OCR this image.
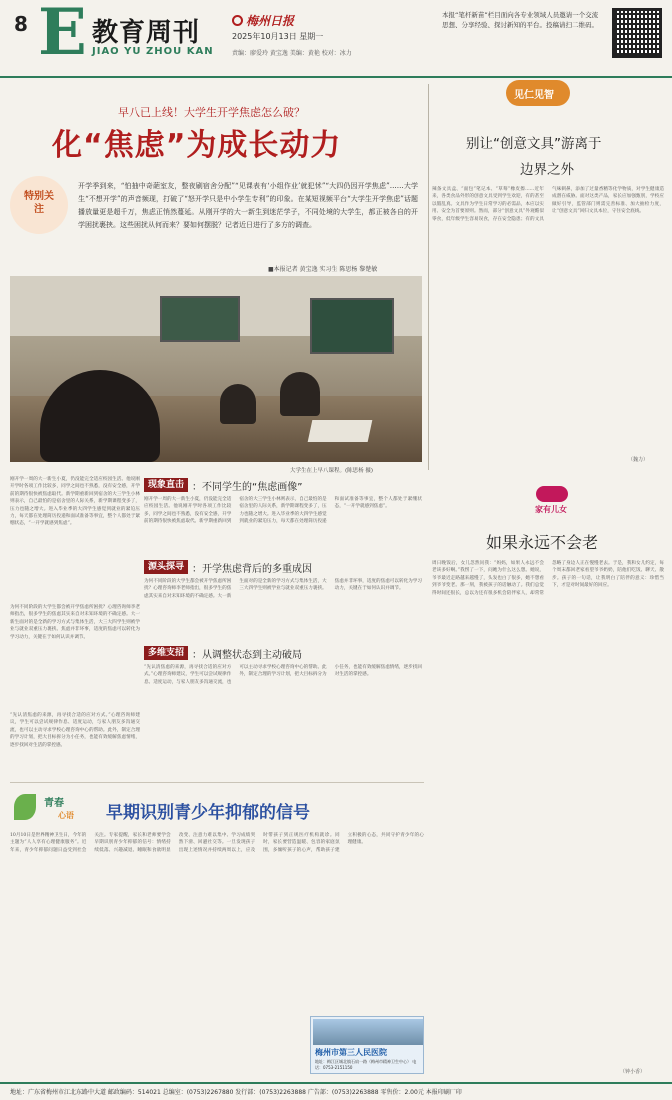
8 E 教育周刊
JIAO YU ZHOU KAN
梅州日报
2025年10月13日 星期一
责编：廖爱玲 黄宝逸 美编：黄艳 校对：冰力
本报“笔杆新苗”栏目面向各专业领域人员邀请一个交流思想、分享经验、探讨新知的平台。投稿请扫二维码。
早八已上线！大学生开学焦虑怎么破？
化“焦虑”为成长动力
特别关注
开学季到来，“怕抽中奇葩室友，整夜刷宿舍分配”“见课表有‘小组作业’就犯怵”“大四仍因开学焦虑”……大学生“不想开学”的声音频现，打破了“怒开学只是中小学生专利”的印象。在某短视频平台“大学生开学焦虑”话题播放量更是超千万，焦虑正悄然蔓延。从刚开学的大一新生到迷茫学子，不同处境的大学生，都正被各自的开学困扰裹挟。这些困扰从何而来？要如何摆脱？记者近日进行了多方的调查。
■本报记者 黄宝逸 实习生 陈思杨 黎楚敏
大学生在上早八课程。(陈思杨 摄)
刚开学一周的大一新生小夏，仍没能完全适应校园生活。他说刚开学时各项工作比较多，同学之间也不熟悉，没有安全感，开学前的期待很快被焦虑取代。新学期重新回到宿舍的大三学生小林则表示，自己最怕的是宿舍里的人际关系，新学期课程变多了，压力也随之增大。进入毕业季的大四学生感觉到就业的紧迫压力，每天都在处理简历投递和面试准备等事宜，整个人都处于紧绷状态，“一开学就感到焦虑”。
现象直击 ：不同学生的“焦虑画像”
刚开学一周的大一新生小夏，仍没能完全适应校园生活。他说刚开学时各项工作比较多，同学之间也不熟悉，没有安全感，开学前的期待很快被焦虑取代。新学期重新回到宿舍的大三学生小林则表示，自己最怕的是宿舍里的人际关系，新学期课程变多了，压力也随之增大。进入毕业季的大四学生感觉到就业的紧迫压力，每天都在处理简历投递和面试准备等事宜，整个人都处于紧绷状态，“一开学就感到焦虑”。
为何不同阶段的大学生都会被开学焦虑所困扰？心理咨询师李老师指出，很多学生的焦虑其实来自对未知环境的不确定感。大一新生面对的是全新的学习方式与集体生活，大三大四学生则被学业与就业双重压力裹挟。焦虑并非坏事，适度的焦虑可以转化为学习动力，关键在于如何认识并调节。
源头探寻 ：开学焦虑背后的多重成因
为何不同阶段的大学生都会被开学焦虑所困扰？心理咨询师李老师指出，很多学生的焦虑其实来自对未知环境的不确定感。大一新生面对的是全新的学习方式与集体生活，大三大四学生则被学业与就业双重压力裹挟。焦虑并非坏事，适度的焦虑可以转化为学习动力，关键在于如何认识并调节。
多维支招 ：从调整状态到主动破局
“先认清焦虑的来源，再寻找合适的应对方式。”心理咨询师建议，学生可以尝试规律作息、适度运动，与家人朋友多沟通交流，也可以主动寻求学校心理咨询中心的帮助。此外，制定合理的学习计划，把大目标拆分为小任务，也能有效缓解焦虑情绪，逐步找回对生活的掌控感。
“先认清焦虑的来源，再寻找合适的应对方式。”心理咨询师建议，学生可以尝试规律作息、适度运动，与家人朋友多沟通交流，也可以主动寻求学校心理咨询中心的帮助。此外，制定合理的学习计划，把大目标拆分为小任务，也能有效缓解焦虑情绪，逐步找回对生活的掌控感。
见仁见智
别让“创意文具”游离于
边界之外
辣条文具盒、“面包”笔记本、“草莓”橡皮擦……近年来，各类食品外形的创意文具受到学生欢迎，有的甚至以假乱真。文具作为学生日常学习的必需品，本应以实用、安全为首要原则。然而，部分“创意文具”外观酷似零食，低年级学生容易误食，存在安全隐患；有的文具气味刺鼻，添加了过量香精等化学物质，对学生健康造成潜在威胁。面对这类产品，家长应加强甄别，学校应做好引导，监管部门则需完善标准、加大抽检力度，让“创意文具”回归文具本位，守住安全底线。
（魏力）
家有儿女
如果永远不会老
周日晚饭后，女儿忽然问我：“妈妈，如果人永远不会老该多好啊。”我愣了一下，问她为什么这么想。她说，爷爷最近走路越来越慢了，头发也白了很多，她不想看到爷爷变老。那一刻，我被孩子的话触动了。我们总觉得时间还很长，总以为还有很多机会陪伴家人，却常常忽略了身边人正在慢慢老去。于是，我和女儿约定，每个周末都回老家看望爷爷奶奶，陪他们吃饭、聊天、散步。孩子的一句话，让我明白了陪伴的意义：珍惜当下，才是对时间最好的回应。
（钟小香）
青春
心语 早期识别青少年抑郁的信号
10月10日是世界精神卫生日，今年的主题为“人人享有心理健康服务”。近年来，青少年抑郁问题日益受到社会关注。专家提醒，家长和老师要学会早期识别青少年抑郁的信号：情绪持续低落、兴趣减退、睡眠和食欲明显改变、注意力难以集中、学习成绩突然下滑、回避社交等。一旦发现孩子出现上述情况并持续两周以上，应及时带孩子到正规医疗机构就诊。同时，家长要营造温暖、包容的家庭氛围，多倾听孩子的心声，帮助孩子建立积极的心态，共同守护青少年的心理健康。
梅州市第三人民医院
地址：梅江区城北镇石扇一路（梅州市精神卫生中心） 电话：0753-2151150
地址：广东省梅州市江北东路中大道 邮政编码：514021 总编室：(0753)2267880 发行部：(0753)2263888 广告部：(0753)2263888 零售价：2.00元 本报印刷厂印
